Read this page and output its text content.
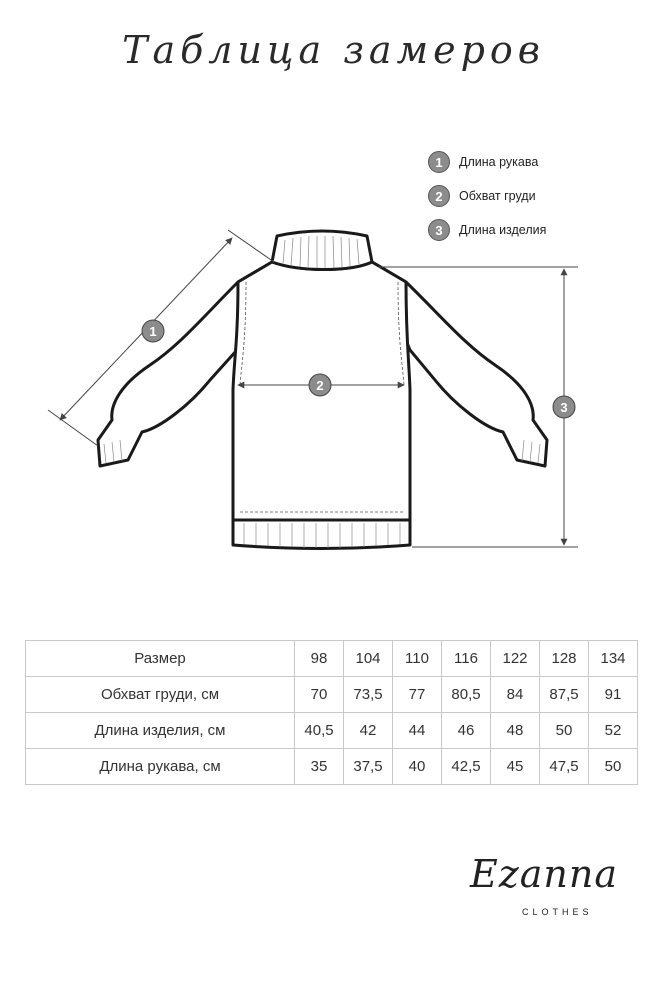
Таблица замеров
1	Длина рукава
2	Обхват груди
3	Длина изделия
1
2
3
Размер	98	104	110	116	122	128	134
Обхват груди, см	70	73,5	77	80,5	84	87,5	91
Длина изделия, см	40,5	42	44	46	48	50	52
Длина рукава, см	35	37,5	40	42,5	45	47,5	50
Ezanna
CLOTHES
